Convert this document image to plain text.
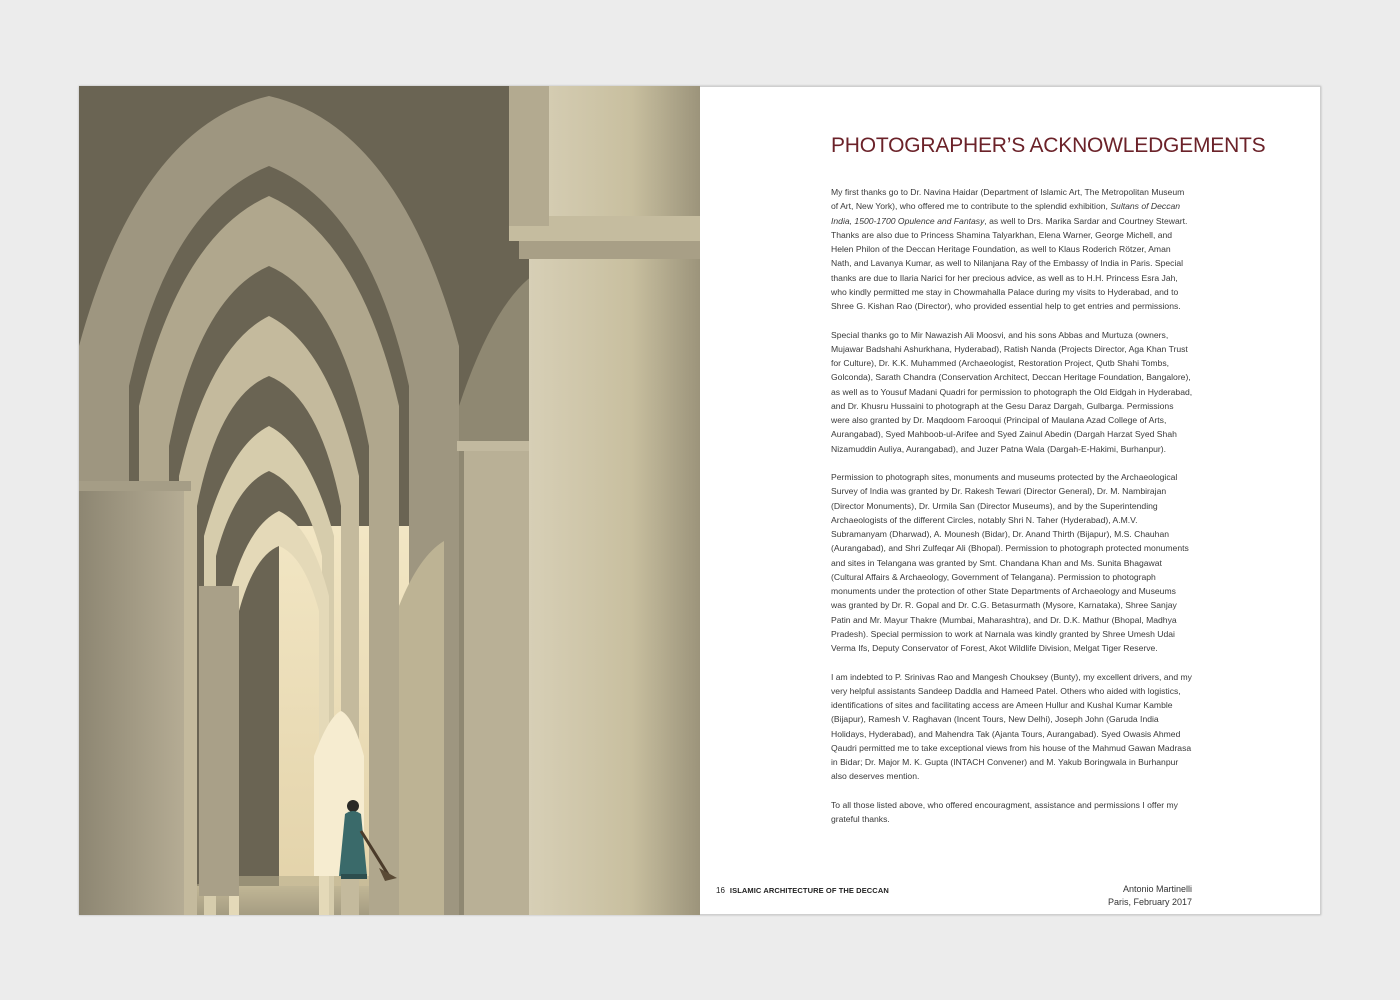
PHOTOGRAPHER’S ACKNOWLEDGEMENTS

My first thanks go to Dr. Navina Haidar (Department of Islamic Art, The Metropolitan Museum of Art, New York), who offered me to contribute to the splendid exhibition, Sultans of Deccan India, 1500-1700 Opulence and Fantasy, as well to Drs. Marika Sardar and Courtney Stewart. Thanks are also due to Princess Shamina Talyarkhan, Elena Warner, George Michell, and Helen Philon of the Deccan Heritage Foundation, as well to Klaus Roderich Rötzer, Aman Nath, and Lavanya Kumar, as well to Nilanjana Ray of the Embassy of India in Paris. Special thanks are due to Ilaria Narici for her precious advice, as well as to H.H. Princess Esra Jah, who kindly permitted me stay in Chowmahalla Palace during my visits to Hyderabad, and to Shree G. Kishan Rao (Director), who provided essential help to get entries and permissions.

Special thanks go to Mir Nawazish Ali Moosvi, and his sons Abbas and Murtuza (owners, Mujawar Badshahi Ashurkhana, Hyderabad), Ratish Nanda (Projects Director, Aga Khan Trust for Culture), Dr. K.K. Muhammed (Archaeologist, Restoration Project, Qutb Shahi Tombs, Golconda), Sarath Chandra (Conservation Architect, Deccan Heritage Foundation, Bangalore), as well as to Yousuf Madani Quadri for permission to photograph the Old Eidgah in Hyderabad, and Dr. Khusru Hussaini to photograph at the Gesu Daraz Dargah, Gulbarga. Permissions were also granted by Dr. Maqdoom Farooqui (Principal of Maulana Azad College of Arts, Aurangabad), Syed Mahboob-ul-Arifee and Syed Zainul Abedin (Dargah Harzat Syed Shah Nizamuddin Auliya, Aurangabad), and Juzer Patna Wala (Dargah-E-Hakimi, Burhanpur).

Permission to photograph sites, monuments and museums protected by the Archaeological Survey of India was granted by Dr. Rakesh Tewari (Director General), Dr. M. Nambirajan (Director Monuments), Dr. Urmila San (Director Museums), and by the Superintending Archaeologists of the different Circles, notably Shri N. Taher (Hyderabad), A.M.V. Subramanyam (Dharwad), A. Mounesh (Bidar), Dr. Anand Thirth (Bijapur), M.S. Chauhan (Aurangabad), and Shri Zulfeqar Ali (Bhopal). Permission to photograph protected monuments and sites in Telangana was granted by Smt. Chandana Khan and Ms. Sunita Bhagawat (Cultural Affairs & Archaeology, Government of Telangana). Permission to photograph monuments under the protection of other State Departments of Archaeology and Museums was granted by Dr. R. Gopal and Dr. C.G. Betasurmath (Mysore, Karnataka), Shree Sanjay Patin and Mr. Mayur Thakre (Mumbai, Maharashtra), and Dr. D.K. Mathur (Bhopal, Madhya Pradesh). Special permission to work at Narnala was kindly granted by Shree Umesh Udai Verma Ifs, Deputy Conservator of Forest, Akot Wildlife Division, Melgat Tiger Reserve.

I am indebted to P. Srinivas Rao and Mangesh Chouksey (Bunty), my excellent drivers, and my very helpful assistants Sandeep Daddla and Hameed Patel. Others who aided with logistics, identifications of sites and facilitating access are Ameen Hullur and Kushal Kumar Kamble (Bijapur), Ramesh V. Raghavan (Incent Tours, New Delhi), Joseph John (Garuda India Holidays, Hyderabad), and Mahendra Tak (Ajanta Tours, Aurangabad). Syed Owasis Ahmed Qaudri permitted me to take exceptional views from his house of the Mahmud Gawan Madrasa in Bidar; Dr. Major M. K. Gupta (INTACH Convener) and M. Yakub Boringwala in Burhanpur also deserves mention.

To all those listed above, who offered encouragment, assistance and permissions I offer my grateful thanks.

16 ISLAMIC ARCHITECTURE OF THE DECCAN	Antonio Martinelli
Paris, February 2017
